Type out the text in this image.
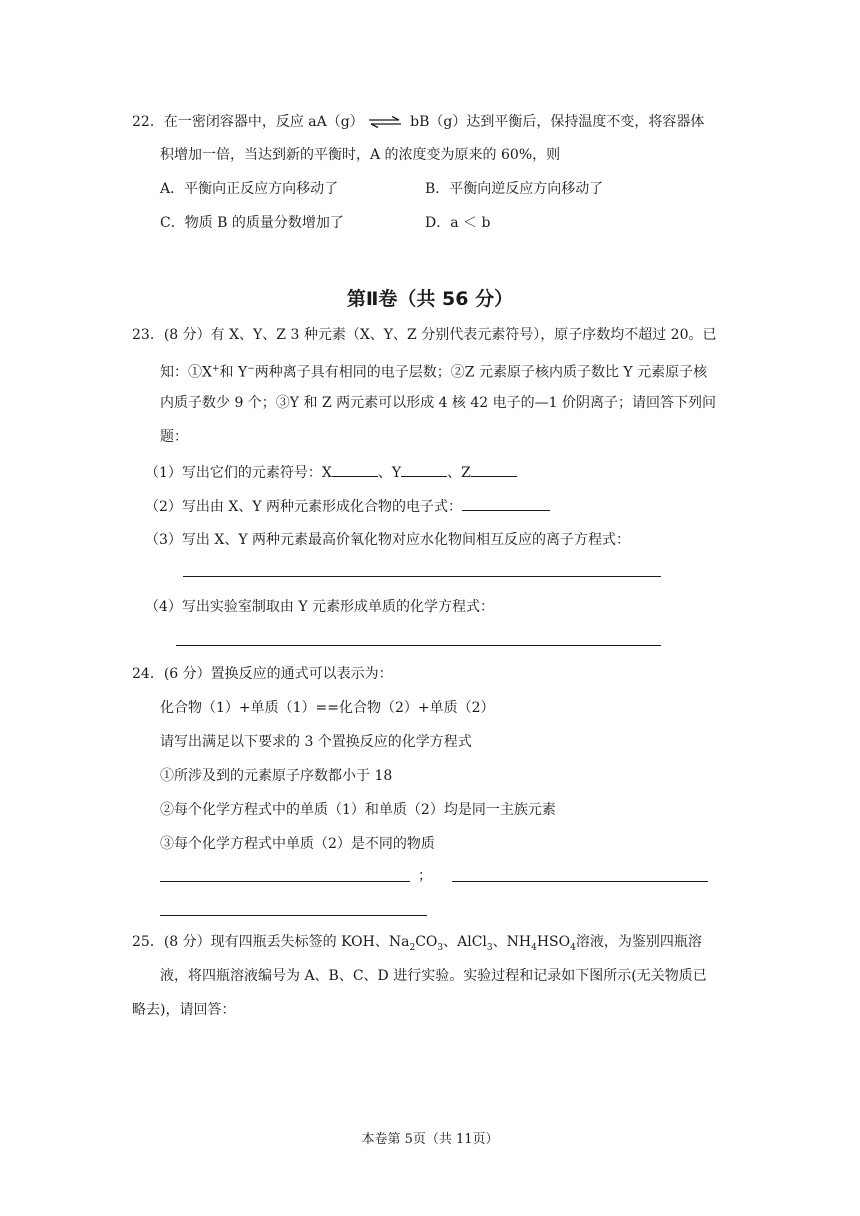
22．在一密闭容器中，反应 aA（g） ⇌ bB（g）达到平衡后，保持温度不变，将容器体
积增加一倍，当达到新的平衡时，A 的浓度变为原来的 60%，则
A．平衡向正反应方向移动了	B．平衡向逆反应方向移动了
C．物质 B 的质量分数增加了	D．a ＜ b
第Ⅱ卷（共 56 分）
23．(8 分）有 X、Y、Z 3 种元素（X、Y、Z 分别代表元素符号），原子序数均不超过 20。已
知：①X+和 Y−两种离子具有相同的电子层数；②Z 元素原子核内质子数比 Y 元素原子核
内质子数少 9 个；③Y 和 Z 两元素可以形成 4 核 42 电子的—1 价阴离子；请回答下列问
题：
（1）写出它们的元素符号：X	、Y	、Z
（2）写出由 X、Y 两种元素形成化合物的电子式：
（3）写出 X、Y 两种元素最高价氧化物对应水化物间相互反应的离子方程式：
（4）写出实验室制取由 Y 元素形成单质的化学方程式：
24．(6 分）置换反应的通式可以表示为：
化合物（1）+单质（1）==化合物（2）+单质（2）
请写出满足以下要求的 3 个置换反应的化学方程式
①所涉及到的元素原子序数都小于 18
②每个化学方程式中的单质（1）和单质（2）均是同一主族元素
③每个化学方程式中单质（2）是不同的物质
；
25．(8 分）现有四瓶丢失标签的 KOH、$Na_2CO_3$、AlCl$_3$、$NH_4HSO_4$溶液，为鉴别四瓶溶
液，将四瓶溶液编号为 A、B、C、D 进行实验。实验过程和记录如下图所示(无关物质已
略去)，请回答：
本卷第 5页（共 11页）
